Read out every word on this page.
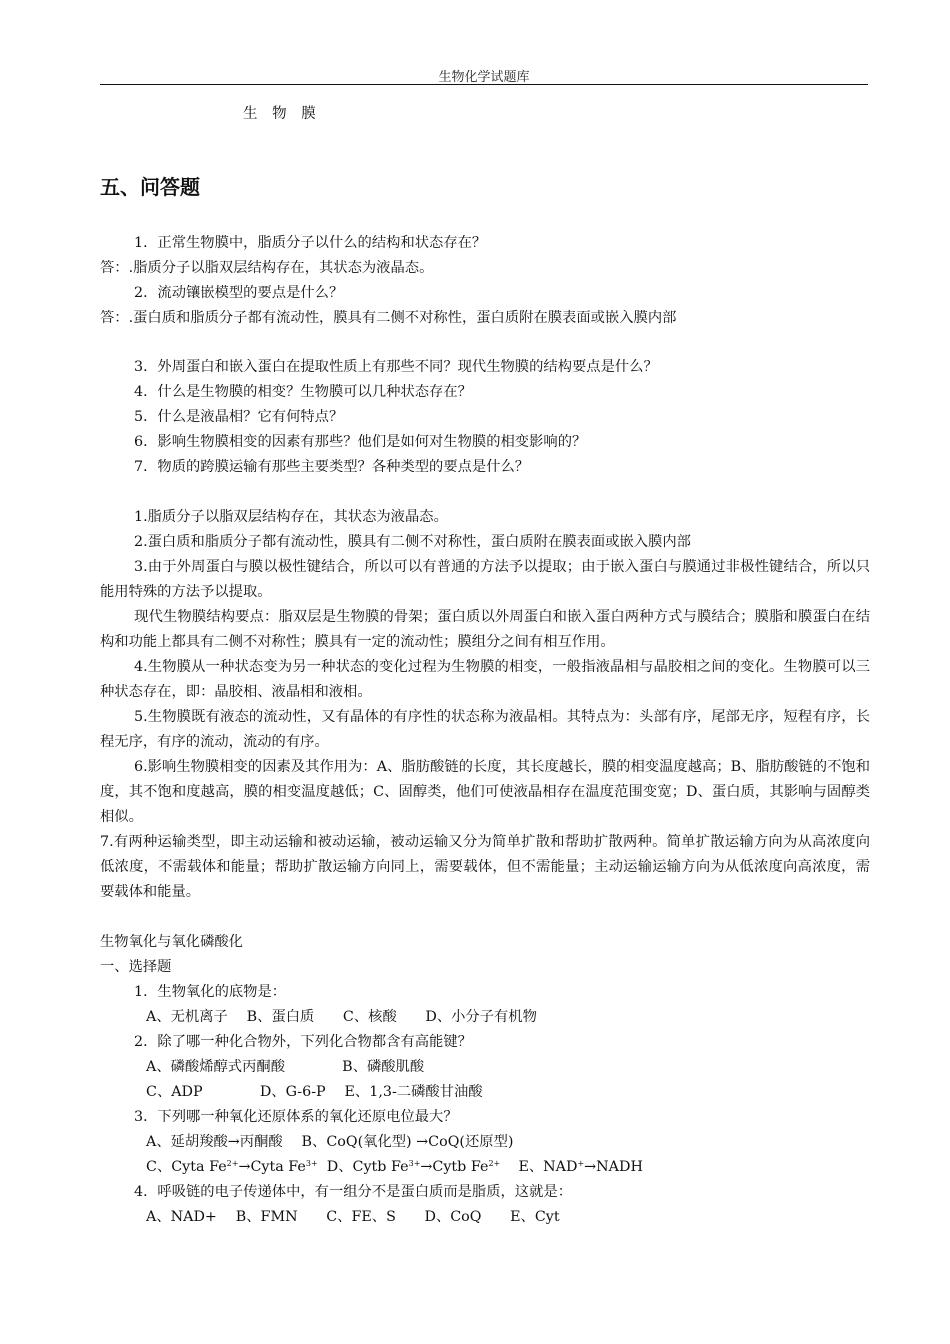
生物化学试题库
生 物 膜
五、问答题
1．正常生物膜中，脂质分子以什么的结构和状态存在？
答：.脂质分子以脂双层结构存在，其状态为液晶态。
2．流动镶嵌模型的要点是什么？
答：.蛋白质和脂质分子都有流动性，膜具有二侧不对称性，蛋白质附在膜表面或嵌入膜内部
3．外周蛋白和嵌入蛋白在提取性质上有那些不同？现代生物膜的结构要点是什么？
4．什么是生物膜的相变？生物膜可以几种状态存在？
5．什么是液晶相？它有何特点？
6．影响生物膜相变的因素有那些？他们是如何对生物膜的相变影响的？
7．物质的跨膜运输有那些主要类型？各种类型的要点是什么？
1.脂质分子以脂双层结构存在，其状态为液晶态。
2.蛋白质和脂质分子都有流动性，膜具有二侧不对称性，蛋白质附在膜表面或嵌入膜内部
3.由于外周蛋白与膜以极性键结合，所以可以有普通的方法予以提取；由于嵌入蛋白与膜通过非极性键结合，所以只能用特殊的方法予以提取。
现代生物膜结构要点：脂双层是生物膜的骨架；蛋白质以外周蛋白和嵌入蛋白两种方式与膜结合；膜脂和膜蛋白在结构和功能上都具有二侧不对称性；膜具有一定的流动性；膜组分之间有相互作用。
4.生物膜从一种状态变为另一种状态的变化过程为生物膜的相变，一般指液晶相与晶胶相之间的变化。生物膜可以三种状态存在，即：晶胶相、液晶相和液相。
5.生物膜既有液态的流动性，又有晶体的有序性的状态称为液晶相。其特点为：头部有序，尾部无序，短程有序，长程无序，有序的流动，流动的有序。
6.影响生物膜相变的因素及其作用为：A、脂肪酸链的长度，其长度越长，膜的相变温度越高；B、脂肪酸链的不饱和度，其不饱和度越高，膜的相变温度越低；C、固醇类，他们可使液晶相存在温度范围变宽；D、蛋白质，其影响与固醇类相似。
7.有两种运输类型，即主动运输和被动运输，被动运输又分为简单扩散和帮助扩散两种。简单扩散运输方向为从高浓度向低浓度，不需载体和能量；帮助扩散运输方向同上，需要载体，但不需能量；主动运输运输方向为从低浓度向高浓度，需要载体和能量。
生物氧化与氧化磷酸化
一、选择题
1．生物氧化的底物是：
A、无机离子　 B、蛋白质　　C、核酸　　D、小分子有机物
2．除了哪一种化合物外，下列化合物都含有高能键？
A、磷酸烯醇式丙酮酸　　　　B、磷酸肌酸
C、ADP　　　　D、G-6-P　 E、1,3-二磷酸甘油酸
3．下列哪一种氧化还原体系的氧化还原电位最大？
A、延胡羧酸→丙酮酸　 B、CoQ(氧化型) →CoQ(还原型)
C、Cyta $Fe^{2+}\to Cyta$ $Fe^{3+}$ D、Cytb $Fe^{3+}\to Cytb$ $Fe^{2+}$ E、NAD+→NADH
4．呼吸链的电子传递体中，有一组分不是蛋白质而是脂质，这就是：
A、NAD+　 B、FMN　　C、FE、S　　D、CoQ　　E、Cyt
